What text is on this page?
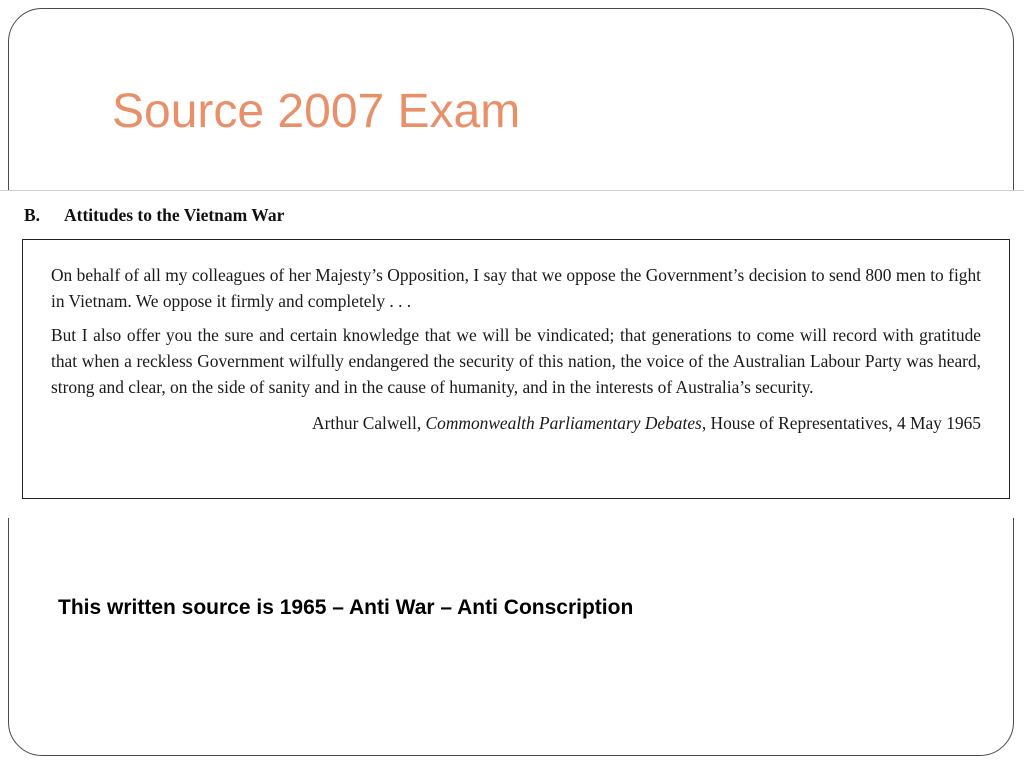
Source 2007 Exam
B. Attitudes to the Vietnam War

On behalf of all my colleagues of her Majesty’s Opposition, I say that we oppose the Government’s decision to send 800 men to fight in Vietnam. We oppose it firmly and completely . . .

But I also offer you the sure and certain knowledge that we will be vindicated; that generations to come will record with gratitude that when a reckless Government wilfully endangered the security of this nation, the voice of the Australian Labour Party was heard, strong and clear, on the side of sanity and in the cause of humanity, and in the interests of Australia’s security.

Arthur Calwell, Commonwealth Parliamentary Debates, House of Representatives, 4 May 1965

This written source is 1965 – Anti War – Anti Conscription
